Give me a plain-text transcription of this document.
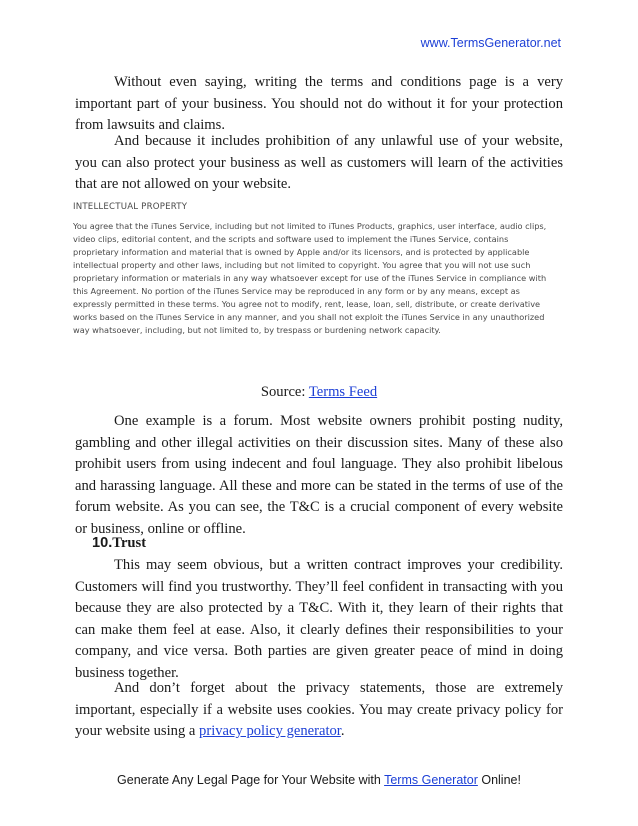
www.TermsGenerator.net

Without even saying, writing the terms and conditions page is a very important part of your business. You should not do without it for your protection from lawsuits and claims.

And because it includes prohibition of any unlawful use of your website, you can also protect your business as well as customers will learn of the activities that are not allowed on your website.

INTELLECTUAL PROPERTY
You agree that the iTunes Service, including but not limited to iTunes Products, graphics, user interface, audio clips, video clips, editorial content, and the scripts and software used to implement the iTunes Service, contains proprietary information and material that is owned by Apple and/or its licensors, and is protected by applicable intellectual property and other laws, including but not limited to copyright. You agree that you will not use such proprietary information or materials in any way whatsoever except for use of the iTunes Service in compliance with this Agreement. No portion of the iTunes Service may be reproduced in any form or by any means, except as expressly permitted in these terms. You agree not to modify, rent, lease, loan, sell, distribute, or create derivative works based on the iTunes Service in any manner, and you shall not exploit the iTunes Service in any unauthorized way whatsoever, including, but not limited to, by trespass or burdening network capacity.
Source: Terms Feed

One example is a forum. Most website owners prohibit posting nudity, gambling and other illegal activities on their discussion sites. Many of these also prohibit users from using indecent and foul language. They also prohibit libelous and harassing language. All these and more can be stated in the terms of use of the forum website. As you can see, the T&C is a crucial component of every website or business, online or offline.

10.Trust

This may seem obvious, but a written contract improves your credibility. Customers will find you trustworthy. They’ll feel confident in transacting with you because they are also protected by a T&C. With it, they learn of their rights that can make them feel at ease. Also, it clearly defines their responsibilities to your company, and vice versa. Both parties are given greater peace of mind in doing business together.

And don’t forget about the privacy statements, those are extremely important, especially if a website uses cookies. You may create privacy policy for your website using a privacy policy generator.

Generate Any Legal Page for Your Website with Terms Generator Online!
